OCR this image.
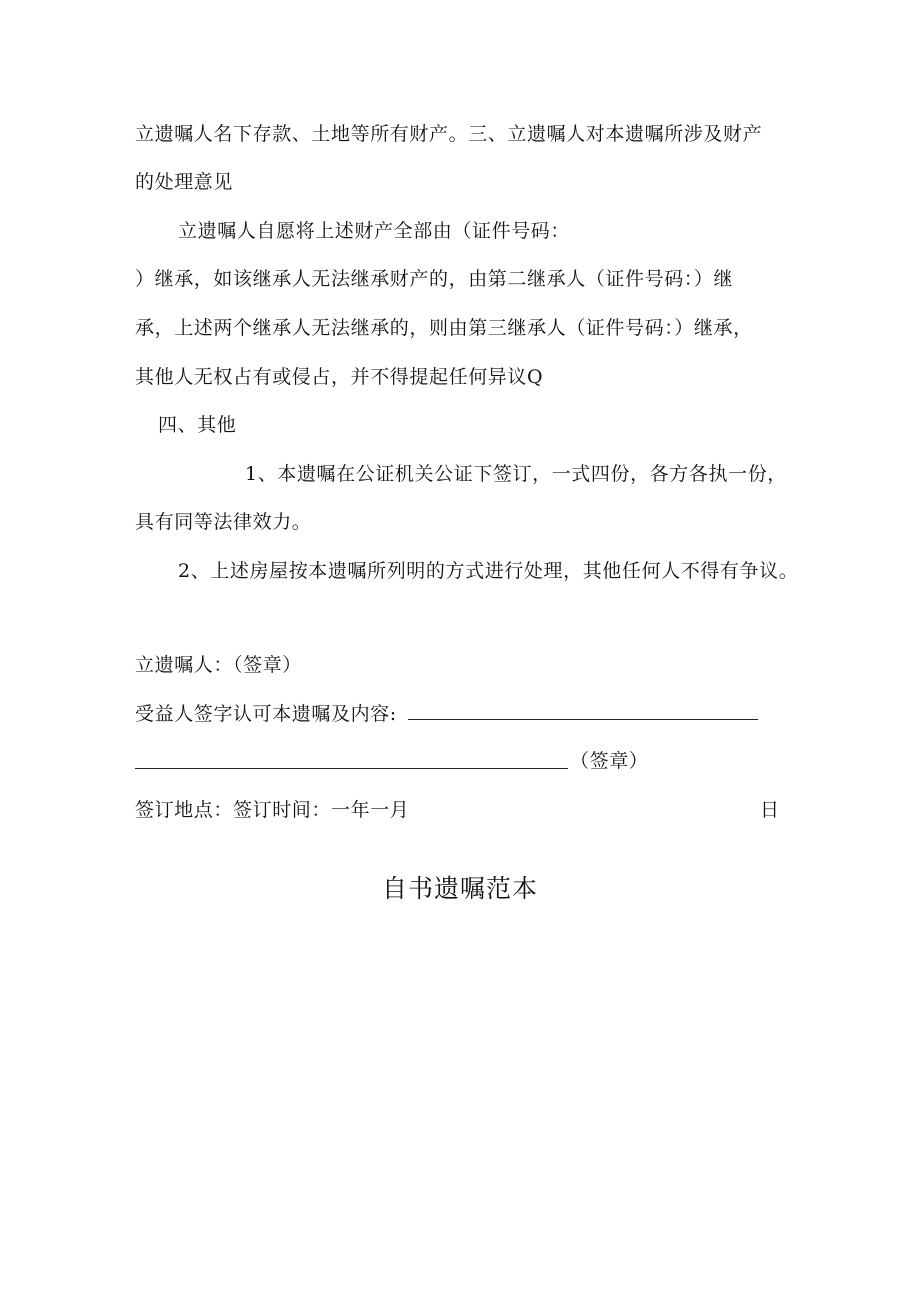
立遗嘱人名下存款、土地等所有财产。三、立遗嘱人对本遗嘱所涉及财产
的处理意见
立遗嘱人自愿将上述财产全部由（证件号码：
）继承，如该继承人无法继承财产的，由第二继承人（证件号码：）继
承，上述两个继承人无法继承的，则由第三继承人（证件号码：）继承，
其他人无权占有或侵占，并不得提起任何异议Q
四、其他
1、本遗嘱在公证机关公证下签订，一式四份，各方各执一份，
具有同等法律效力。
2、上述房屋按本遗嘱所列明的方式进行处理，其他任何人不得有争议。
立遗嘱人：（签章）
受益人签字认可本遗嘱及内容:
（签章）
签订地点：签订时间：一年一月	日
自书遗嘱范本
